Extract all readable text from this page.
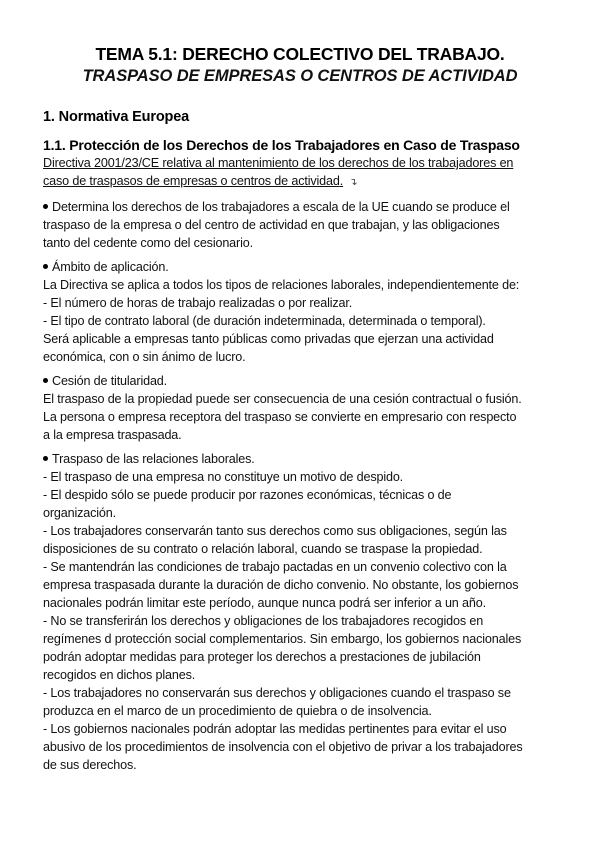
TEMA 5.1: DERECHO COLECTIVO DEL TRABAJO.
TRASPASO DE EMPRESAS O CENTROS DE ACTIVIDAD
1. Normativa Europea
1.1. Protección de los Derechos de los Trabajadores en Caso de Traspaso

Directiva 2001/23/CE relativa al mantenimiento de los derechos de los trabajadores en

caso de traspasos de empresas o centros de actividad. ↴

Determina los derechos de los trabajadores a escala de la UE cuando se produce el
traspaso de la empresa o del centro de actividad en que trabajan, y las obligaciones
tanto del cedente como del cesionario.
Ámbito de aplicación.
La Directiva se aplica a todos los tipos de relaciones laborales, independientemente de:
- El número de horas de trabajo realizadas o por realizar.
- El tipo de contrato laboral (de duración indeterminada, determinada o temporal).
Será aplicable a empresas tanto públicas como privadas que ejerzan una actividad
económica, con o sin ánimo de lucro.
Cesión de titularidad.
El traspaso de la propiedad puede ser consecuencia de una cesión contractual o fusión.
La persona o empresa receptora del traspaso se convierte en empresario con respecto
a la empresa traspasada.
Traspaso de las relaciones laborales.
- El traspaso de una empresa no constituye un motivo de despido.
- El despido sólo se puede producir por razones económicas, técnicas o de
organización.
- Los trabajadores conservarán tanto sus derechos como sus obligaciones, según las
disposiciones de su contrato o relación laboral, cuando se traspase la propiedad.
- Se mantendrán las condiciones de trabajo pactadas en un convenio colectivo con la
empresa traspasada durante la duración de dicho convenio. No obstante, los gobiernos
nacionales podrán limitar este período, aunque nunca podrá ser inferior a un año.
- No se transferirán los derechos y obligaciones de los trabajadores recogidos en
regímenes d protección social complementarios. Sin embargo, los gobiernos nacionales
podrán adoptar medidas para proteger los derechos a prestaciones de jubilación
recogidos en dichos planes.
- Los trabajadores no conservarán sus derechos y obligaciones cuando el traspaso se
produzca en el marco de un procedimiento de quiebra o de insolvencia.
- Los gobiernos nacionales podrán adoptar las medidas pertinentes para evitar el uso
abusivo de los procedimientos de insolvencia con el objetivo de privar a los trabajadores
de sus derechos.
